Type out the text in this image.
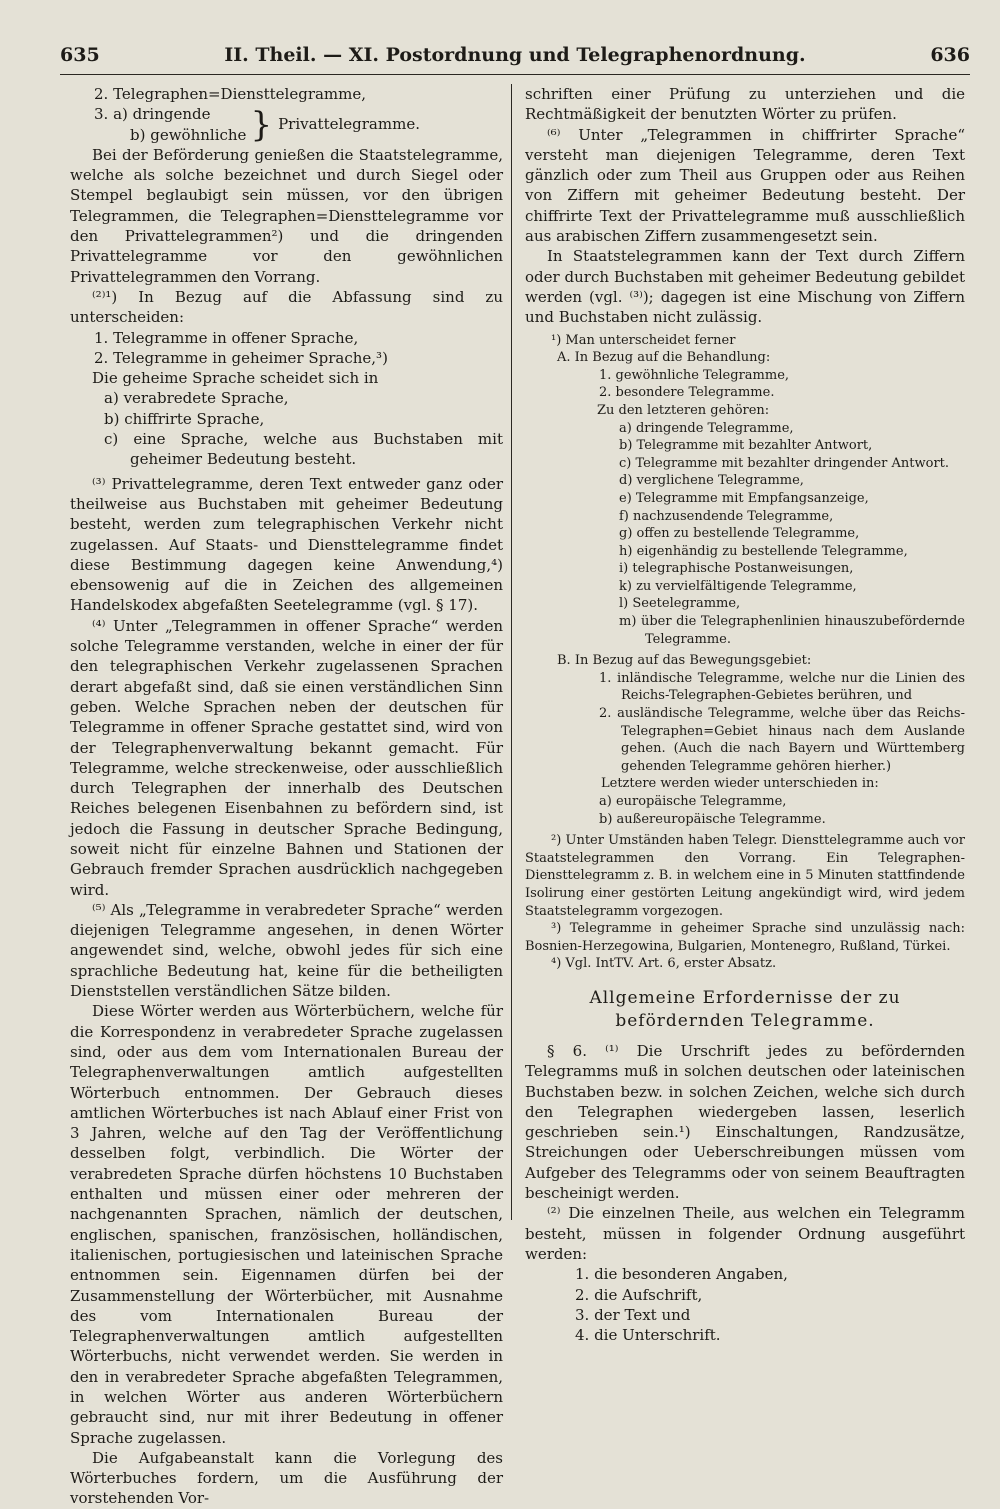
635	II. Theil. — XI. Postordnung und Telegraphenordnung.	636

2. Telegraphen=Diensttelegramme,

3. a) dringende

b) gewöhnliche } Privattelegramme.

Bei der Beförderung genießen die Staatstelegramme, welche als solche bezeichnet und durch Siegel oder Stempel beglaubigt sein müssen, vor den übrigen Telegrammen, die Telegraphen=Diensttelegramme vor den Privattelegrammen²) und die dringenden Privattelegramme vor den gewöhnlichen Privattelegrammen den Vorrang.

⁽²⁾¹) In Bezug auf die Abfassung sind zu unterscheiden:

1. Telegramme in offener Sprache,

2. Telegramme in geheimer Sprache,³)

Die geheime Sprache scheidet sich in

a) verabredete Sprache,

b) chiffrirte Sprache,

c) eine Sprache, welche aus Buchstaben mit geheimer Bedeutung besteht.

⁽³⁾ Privattelegramme, deren Text entweder ganz oder theilweise aus Buchstaben mit geheimer Bedeutung besteht, werden zum telegraphischen Verkehr nicht zugelassen. Auf Staats- und Diensttelegramme findet diese Bestimmung dagegen keine Anwendung,⁴) ebensowenig auf die in Zeichen des allgemeinen Handelskodex abgefaßten Seetelegramme (vgl. § 17).

⁽⁴⁾ Unter „Telegrammen in offener Sprache“ werden solche Telegramme verstanden, welche in einer der für den telegraphischen Verkehr zugelassenen Sprachen derart abgefaßt sind, daß sie einen verständlichen Sinn geben. Welche Sprachen neben der deutschen für Telegramme in offener Sprache gestattet sind, wird von der Telegraphenverwaltung bekannt gemacht. Für Telegramme, welche streckenweise, oder ausschließlich durch Telegraphen der innerhalb des Deutschen Reiches belegenen Eisenbahnen zu befördern sind, ist jedoch die Fassung in deutscher Sprache Bedingung, soweit nicht für einzelne Bahnen und Stationen der Gebrauch fremder Sprachen ausdrücklich nachgegeben wird.

⁽⁵⁾ Als „Telegramme in verabredeter Sprache“ werden diejenigen Telegramme angesehen, in denen Wörter angewendet sind, welche, obwohl jedes für sich eine sprachliche Bedeutung hat, keine für die betheiligten Dienststellen verständlichen Sätze bilden.

Diese Wörter werden aus Wörterbüchern, welche für die Korrespondenz in verabredeter Sprache zugelassen sind, oder aus dem vom Internationalen Bureau der Telegraphenverwaltungen amtlich aufgestellten Wörterbuch entnommen. Der Gebrauch dieses amtlichen Wörterbuches ist nach Ablauf einer Frist von 3 Jahren, welche auf den Tag der Veröffentlichung desselben folgt, verbindlich. Die Wörter der verabredeten Sprache dürfen höchstens 10 Buchstaben enthalten und müssen einer oder mehreren der nachgenannten Sprachen, nämlich der deutschen, englischen, spanischen, französischen, holländischen, italienischen, portugiesischen und lateinischen Sprache entnommen sein. Eigennamen dürfen bei der Zusammenstellung der Wörterbücher, mit Ausnahme des vom Internationalen Bureau der Telegraphenverwaltungen amtlich aufgestellten Wörterbuchs, nicht verwendet werden. Sie werden in den in verabredeter Sprache abgefaßten Telegrammen, in welchen Wörter aus anderen Wörterbüchern gebraucht sind, nur mit ihrer Bedeutung in offener Sprache zugelassen.

Die Aufgabeanstalt kann die Vorlegung des Wörterbuches fordern, um die Ausführung der vorstehenden Vor-

schriften einer Prüfung zu unterziehen und die Rechtmäßigkeit der benutzten Wörter zu prüfen.

⁽⁶⁾ Unter „Telegrammen in chiffrirter Sprache“ versteht man diejenigen Telegramme, deren Text gänzlich oder zum Theil aus Gruppen oder aus Reihen von Ziffern mit geheimer Bedeutung besteht. Der chiffrirte Text der Privattelegramme muß ausschließlich aus arabischen Ziffern zusammengesetzt sein.

In Staatstelegrammen kann der Text durch Ziffern oder durch Buchstaben mit geheimer Bedeutung gebildet werden (vgl. ⁽³⁾); dagegen ist eine Mischung von Ziffern und Buchstaben nicht zulässig.

¹) Man unterscheidet ferner

A. In Bezug auf die Behandlung:

1. gewöhnliche Telegramme,

2. besondere Telegramme.

Zu den letzteren gehören:

a) dringende Telegramme,

b) Telegramme mit bezahlter Antwort,

c) Telegramme mit bezahlter dringender Antwort.

d) verglichene Telegramme,

e) Telegramme mit Empfangsanzeige,

f) nachzusendende Telegramme,

g) offen zu bestellende Telegramme,

h) eigenhändig zu bestellende Telegramme,

i) telegraphische Postanweisungen,

k) zu vervielfältigende Telegramme,

l) Seetelegramme,

m) über die Telegraphenlinien hinauszubefördernde Telegramme.

B. In Bezug auf das Bewegungsgebiet:

1. inländische Telegramme, welche nur die Linien des Reichs-Telegraphen-Gebietes berühren, und

2. ausländische Telegramme, welche über das Reichs-Telegraphen=Gebiet hinaus nach dem Auslande gehen. (Auch die nach Bayern und Württemberg gehenden Telegramme gehören hierher.)

Letztere werden wieder unterschieden in:

a) europäische Telegramme,

b) außereuropäische Telegramme.

²) Unter Umständen haben Telegr. Diensttelegramme auch vor Staatstelegrammen den Vorrang. Ein Telegraphen-Diensttelegramm z. B. in welchem eine in 5 Minuten stattfindende Isolirung einer gestörten Leitung angekündigt wird, wird jedem Staatstelegramm vorgezogen.

³) Telegramme in geheimer Sprache sind unzulässig nach: Bosnien-Herzegowina, Bulgarien, Montenegro, Rußland, Türkei.

⁴) Vgl. IntTV. Art. 6, erster Absatz.

Allgemeine Erfordernisse der zu befördernden Telegramme.

§ 6. ⁽¹⁾ Die Urschrift jedes zu befördernden Telegramms muß in solchen deutschen oder lateinischen Buchstaben bezw. in solchen Zeichen, welche sich durch den Telegraphen wiedergeben lassen, leserlich geschrieben sein.¹) Einschaltungen, Randzusätze, Streichungen oder Ueberschreibungen müssen vom Aufgeber des Telegramms oder von seinem Beauftragten bescheinigt werden.

⁽²⁾ Die einzelnen Theile, aus welchen ein Telegramm besteht, müssen in folgender Ordnung ausgeführt werden:

1. die besonderen Angaben,

2. die Aufschrift,

3. der Text und

4. die Unterschrift.
